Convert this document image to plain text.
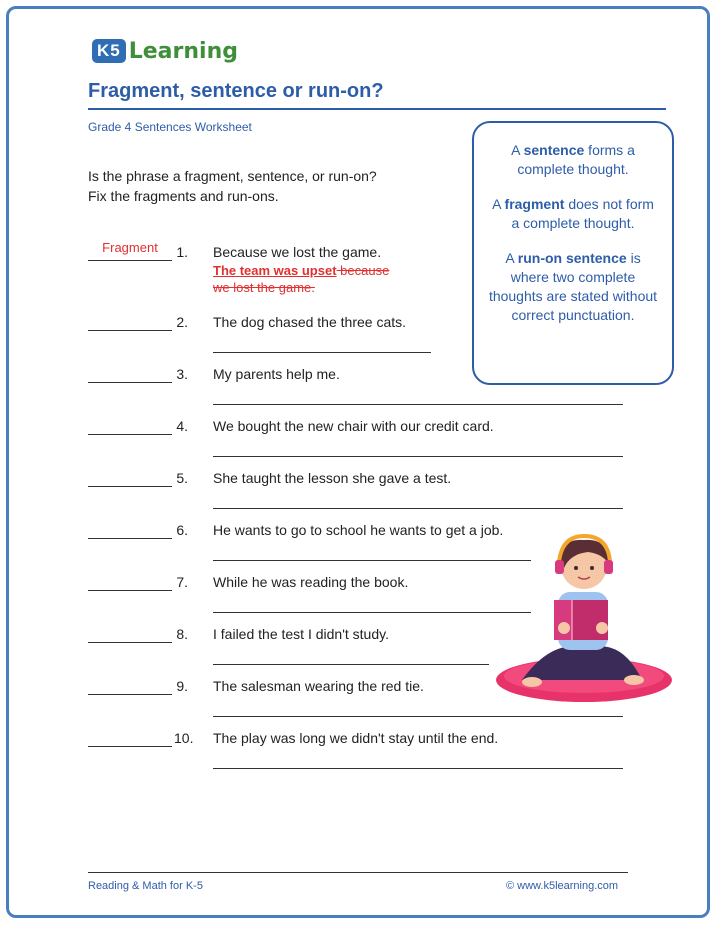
K5 Learning
Fragment, sentence or run-on?
Grade 4 Sentences Worksheet
Is the phrase a fragment, sentence, or run-on?
Fix the fragments and run-ons.

A sentence forms a complete thought.

A fragment does not form a complete thought.

A run-on sentence is where two complete thoughts are stated without correct punctuation.

Fragment	1. Because we lost the game.
The team was upset because
we lost the game.
2. The dog chased the three cats.
3. My parents help me.
4. We bought the new chair with our credit card.
5. She taught the lesson she gave a test.
6. He wants to go to school he wants to get a job.
7. While he was reading the book.
8. I failed the test I didn't study.
9. The salesman wearing the red tie.
10. The play was long we didn't stay until the end.
Reading & Math for K-5	© www.k5learning.com
